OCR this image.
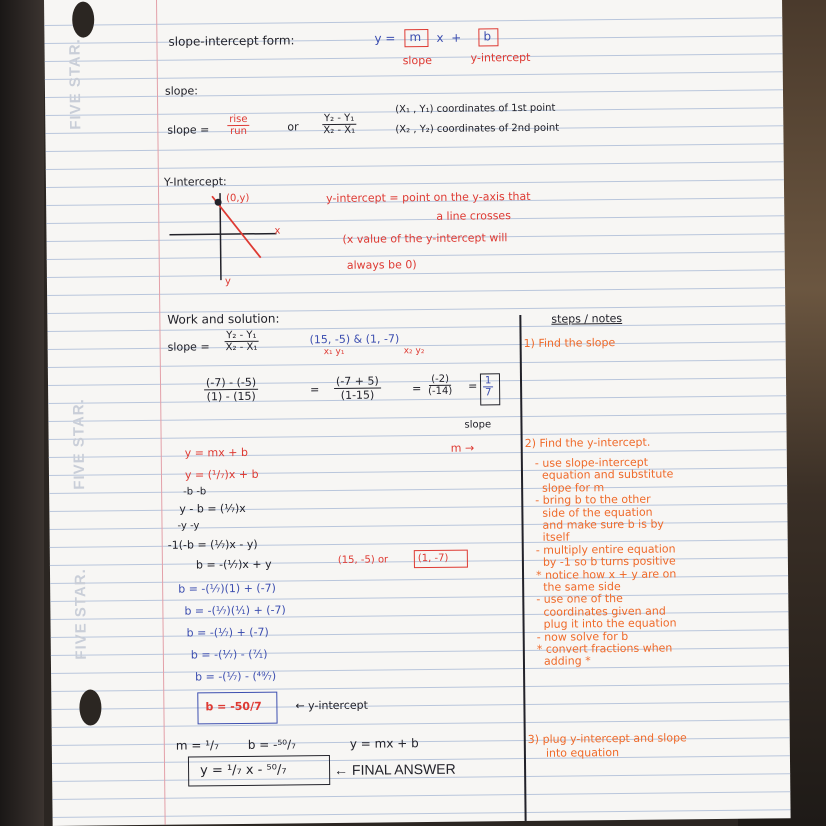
FIVE STAR.
FIVE STAR.
FIVE STAR.
slope-intercept form:	y = m x  + b
slope	y-intercept
slope:
slope =
rise
run	or $\frac{\text{Y₂ - Y₁}}{\text{X₂ - X₁}}$
(X₁ , Y₁) coordinates of 1st point
(X₂ , Y₂) coordinates of 2nd point
Y-Intercept:
(0,y)
x
y
y-intercept = point on the y-axis that
a line crosses
(x value of the y-intercept will
always be 0)
Work and solution:
slope = $\frac{\text{Y₂ - Y₁}}{\text{X₂ - X₁}}$	(15, -5) & (1, -7)
x₁ y₁	x₂ y₂
$\frac{(-7) - (-5)}{(1) - (15)}$	= $\frac{(-7 + 5)}{(1-15)}$	= $\frac{(-2)}{(-14)} = \frac{1}{7}$
slope
m →
y = mx + b
y = (¹/₇)x + b
-b -b
y - b = (¹⁄₇)x
-y -y
-1(-b = (¹⁄₇)x - y)
b = -(¹⁄₇)x + y	(15, -5) or	(1, -7)
b = -(¹⁄₇)(1) + (-7)
b = -(¹⁄₇)(¹⁄₁) + (-7)
b = -(¹⁄₇) + (-7)
b = -(¹⁄₇) - (⁷⁄₁)
b = -(¹⁄₇) - (⁴⁹⁄₇)
b = -50/7	← y-intercept
m = ¹/₇ b = -⁵⁰/₇	y = mx + b
y = ¹/₇ x - ⁵⁰/₇	← FINAL ANSWER
steps / notes
1) Find the slope
2) Find the y-intercept.
- use slope-intercept
equation and substitute
slope for m
- bring b to the other
side of the equation
and make sure b is by
itself
- multiply entire equation
by -1 so b turns positive
* notice how x + y are on
the same side
- use one of the
coordinates given and
plug it into the equation
- now solve for b
* convert fractions when
adding *
3) plug y-intercept and slope
into equation
